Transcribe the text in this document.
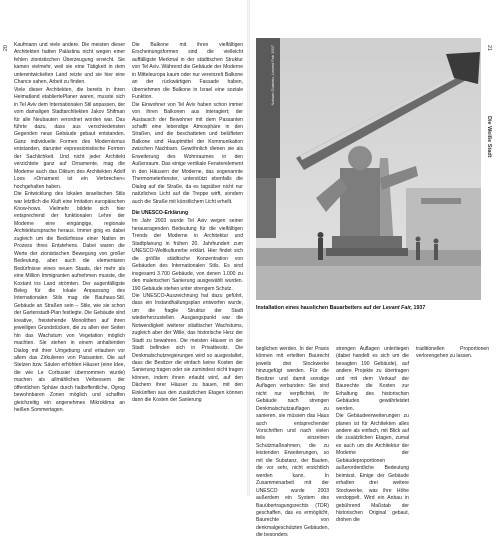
20	21
Die Weiße Stadt

Kaufmann und viele andere. Die meisten dieser Architekten hatten Palästina nicht wegen einer fehlen zionistischen Überzeugung erreicht. Sie kamen vielmehr, weil sie eine Tätigkeit in dem unterentwickelten Land reizte und sie hier eine Chance sahen, Arbeit zu finden.

Viele dieser Architekten, die bereits in ihren Heimatland etabliertePlaner waren, musste sich in Tel Aviv dem Internationalen Stil anpassen, der vom damaligen Stadtarchitekten Jakov Shifman für alle Neubauten verordnet worden war. Das führte dazu, dass aus verschiedensten Gegenden neue Gebäude gebaut entstanden. Ganz individuelle Formen des Modernismus entstanden, darunter expressionistische Formen der Sachlichkeit. Und nicht jeder Architekt verzichtete ganz auf Ornamente, mag die Moderne auch das Diktum des Architekten Adolf Loos »Ornament ist ein Verbrechen« hochgehalten haben.

Die Entwicklung des lokalen israelischen Stils war letztlich die Kluft eine Imitation europäischen Know-hows. Vielmehr bildete sich hier entsprechend der funktionalen Lehre der Moderne eine eingängige, regionale Architektursprache heraus. Immer ging es dabei zugleich um die Bedürfnisse einer Nation im Prozess ihres Entstehens. Dabei waren die Werte der zionistischen Bewegung von großer Bedeutung, aber auch die elementaren Bedürfnisse eines neuen Staats, der mehr als eine Million Immigranten aufnehmen musste, die Kostant ins Land strömten. Der augenfälligste Beleg für die lokale Anpassung des Internationalen Stils mag die Bauhaus-Stil, Gebäude an Straßen sein – Stile, wie sie schon der Gartenstadt-Plan festlegte. Die Gebäude sind kreative, freistehende Monolithen auf ihren jeweiligen Grundstücken, die zu allen vier Seiten hin das Wachstum von Vegetation möglich machten. Sie stehen in einem anhaltenden Dialog mit ihrer Umgebung und erlauben vor allem das Zirkulieren von Passanten. Die auf Stelzen bzw. Säulen erhöhten Häuser (eine Idee, die wie Le Corbusier übernommen wurde) machen als allmähliches Verbessern der öffentlichen Sphäre durch halboffentliche, Ogrog bewohnbaren Zonen möglich und schaffen gleichzeitig ein angenehmes Mikroklima an heißen Sommertagen.

Die Balkone mit ihren vielfältigen Erscheinungsformen sind die vielleicht auffälligste Merkmal in der städtischen Struktur von Tel Aviv. Während die Gebäude der Moderne in Mitteleuropa kaum oder nur vereinzelt Balkone an der rückwärtigen Fassade haben, übernehmen die Balkone in Israel eine soziale Funktion.

Die Einwohner von Tel Aviv haben schon immer von ihren Balkonen aus interagiert; der Austausch der Bewohner mit dem Passanten schafft eine lebendige Atmosphäre in den Straßen, und die beschatteten und belüfteten Balkone sind Hauptmittel der Kommunikation zwischen Nachbarn. Gewöhnlich dienen sie als Erweiterung des Wohnraumes in den Außenraum. Das einige vertikale Fensterelement in den Häusern der Moderne, das sogenannte Thermometerfenster, unterstützt ebenfalls die Dialog auf die Straße, da es tagsüber nicht nur natürliches Licht auf die Treppe wirft, sondern auch die Straße mit künstlichem Licht erhellt.

Die UNESCO-Erklärung

Im Jahr 2003 wurde Tel Aviv wegen seiner herausragenden Bedeutung für die vielfältigen Trends der Moderne in Architektur und Stadtplanung in frühen 20. Jahrhundert zum UNESCO-Weltkulturerbe erklärt. Hier findet sich die größte städtische Konzentration von Gebäuden des Internationalen Stils. Es sind insgesamt 3.700 Gebäude, von denen 1.000 zu den malerischen Sanierung ausgewählt wurden. 190 Gebäude stehen unter strengem Schutz.

Die UNESCO-Auszeichnung hat dazu geführt, dass ein Instandhaltungsplan entworfen wurde, um die fragile Struktur der Stadt wiederherzustellen. Ausgangspunkt war die Notwendigkeit weiterer städtischer Wachstums, zugleich aber der Wille, das historische Herz der Stadt zu bewahren. Die meisten Häuser in der Stadt befinden sich in Privatbesitz. Die Denkmalschutzregierungen wird so ausgestaltet, dass die Besitzer die einfach keine Kosten der Sanierung tragen oder sie zumindest nicht tragen können, indem ihnen erlaubt wird, auf den Dächern ihrer Häuser zu bauen, mit den Einkünften aus den zusätzlichen Etagen können dann die Kosten der Sanierung

Nahum Gutman, Levant Fair 1937
Installation eines hauslichen Bauarbeiters auf der Levant Fair, 1937

beglichen werden. In der Praxis können mit erteilten Baurecht jeweils drei Stockwerke hinzugefügt werden. Für die Besitzer und damit sonstige Auflagen verbunden: Sie sind nicht nur verpflichtet, ihr Gebäude nach strengen Denkmalschutzauflagen zu sanieren, sie müssen das Haus auch entsprechender Vorschriften und nach vielen teils einzelnen Schutzmaßnahmen, die zu leistenden Erweiterungen, so mit die Substanz, der Bauten, die vor sehr, nicht ersichtlich werden kann. In Zusammenarbeit mit der UNESCO wurde 2003 außerdem ein System des Bauübertragungsrechts (TDR) geschaffen, das es ermöglicht, Baurechte von denkmalgeschützten Gebäuden, die besonders

strengen Auflagen unterliegen (dabei handelt es sich um die besagten 190 Gebäude), auf andere Projekte zu übertragen und mit dem Verkauf der Baurechte die Kosten zur Erhaltung des historischen Gebäudes gewährleistet werden.

Die Gebäudeerweiterungen zu planen ist für Architekten alles andere als einfach, mit Blick auf die zusätzlichen Etagen, zumal es auch um die Architektur der Moderne der Gebäudeproportionen außerordentliche Bedeutung beimisst. Einige der Gebäude erhalten drei weitere Stockwerke, was ihre Höhe verdoppelt. Wird ein Anbau in gebührend Maßstab der historischen Original gebaut, drohen die

traditionellen Proportionen verlorengehen zu lassen.
